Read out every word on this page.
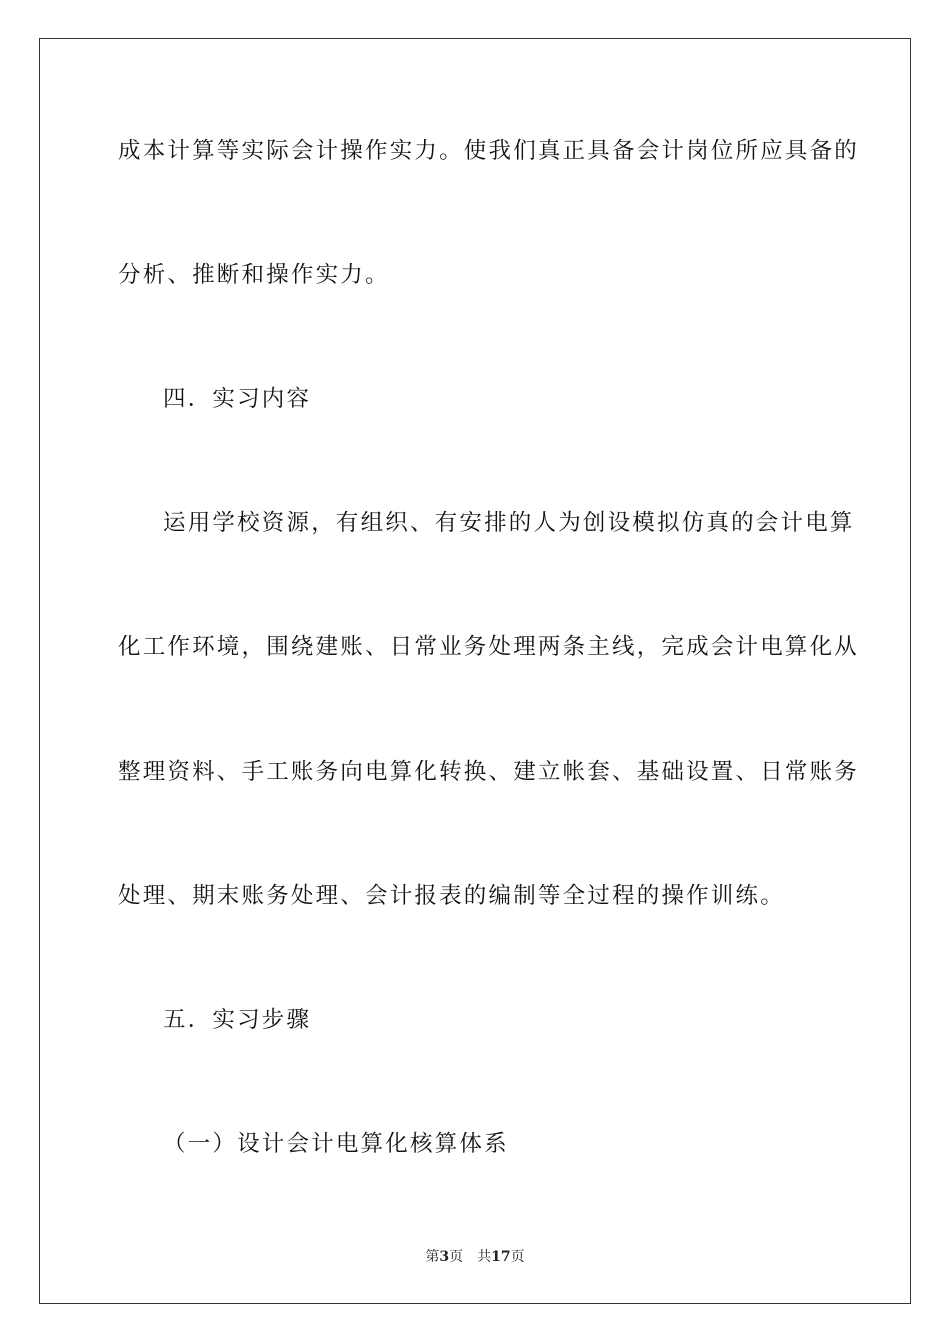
成本计算等实际会计操作实力。使我们真正具备会计岗位所应具备的
分析、推断和操作实力。
四．实习内容
运用学校资源，有组织、有安排的人为创设模拟仿真的会计电算
化工作环境，围绕建账、日常业务处理两条主线，完成会计电算化从
整理资料、手工账务向电算化转换、建立帐套、基础设置、日常账务
处理、期末账务处理、会计报表的编制等全过程的操作训练。
五．实习步骤
（一）设计会计电算化核算体系
第3页 共17页
